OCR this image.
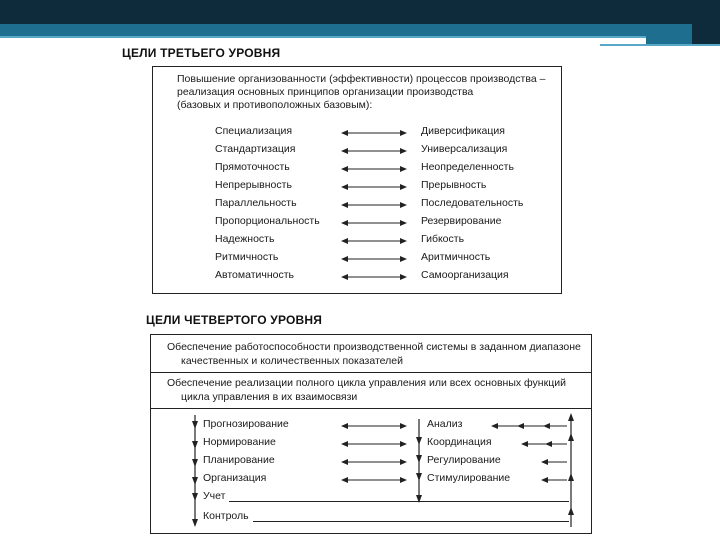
ЦЕЛИ ТРЕТЬЕГО УРОВНЯ
Повышение организованности (эффективности) процессов производства –
реализация основных принципов организации производства
(базовых и противоположных базовым):
Специализация	Диверсификация
Стандартизация	Универсализация
Прямоточность	Неопределенность
Непрерывность	Прерывность
Параллельность	Последовательность
Пропорциональность	Резервирование
Надежность	Гибкость
Ритмичность	Аритмичность
Автоматичность	Самоорганизация
ЦЕЛИ ЧЕТВЕРТОГО УРОВНЯ
Обеспечение работоспособности производственной системы в заданном диапазоне
качественных и количественных показателей
Обеспечение реализации полного цикла управления или всех основных функций
цикла управления в их взаимосвязи
Прогнозирование	Анализ
Нормирование	Координация
Планирование	Регулирование
Организация	Стимулирование
Учет
Контроль
